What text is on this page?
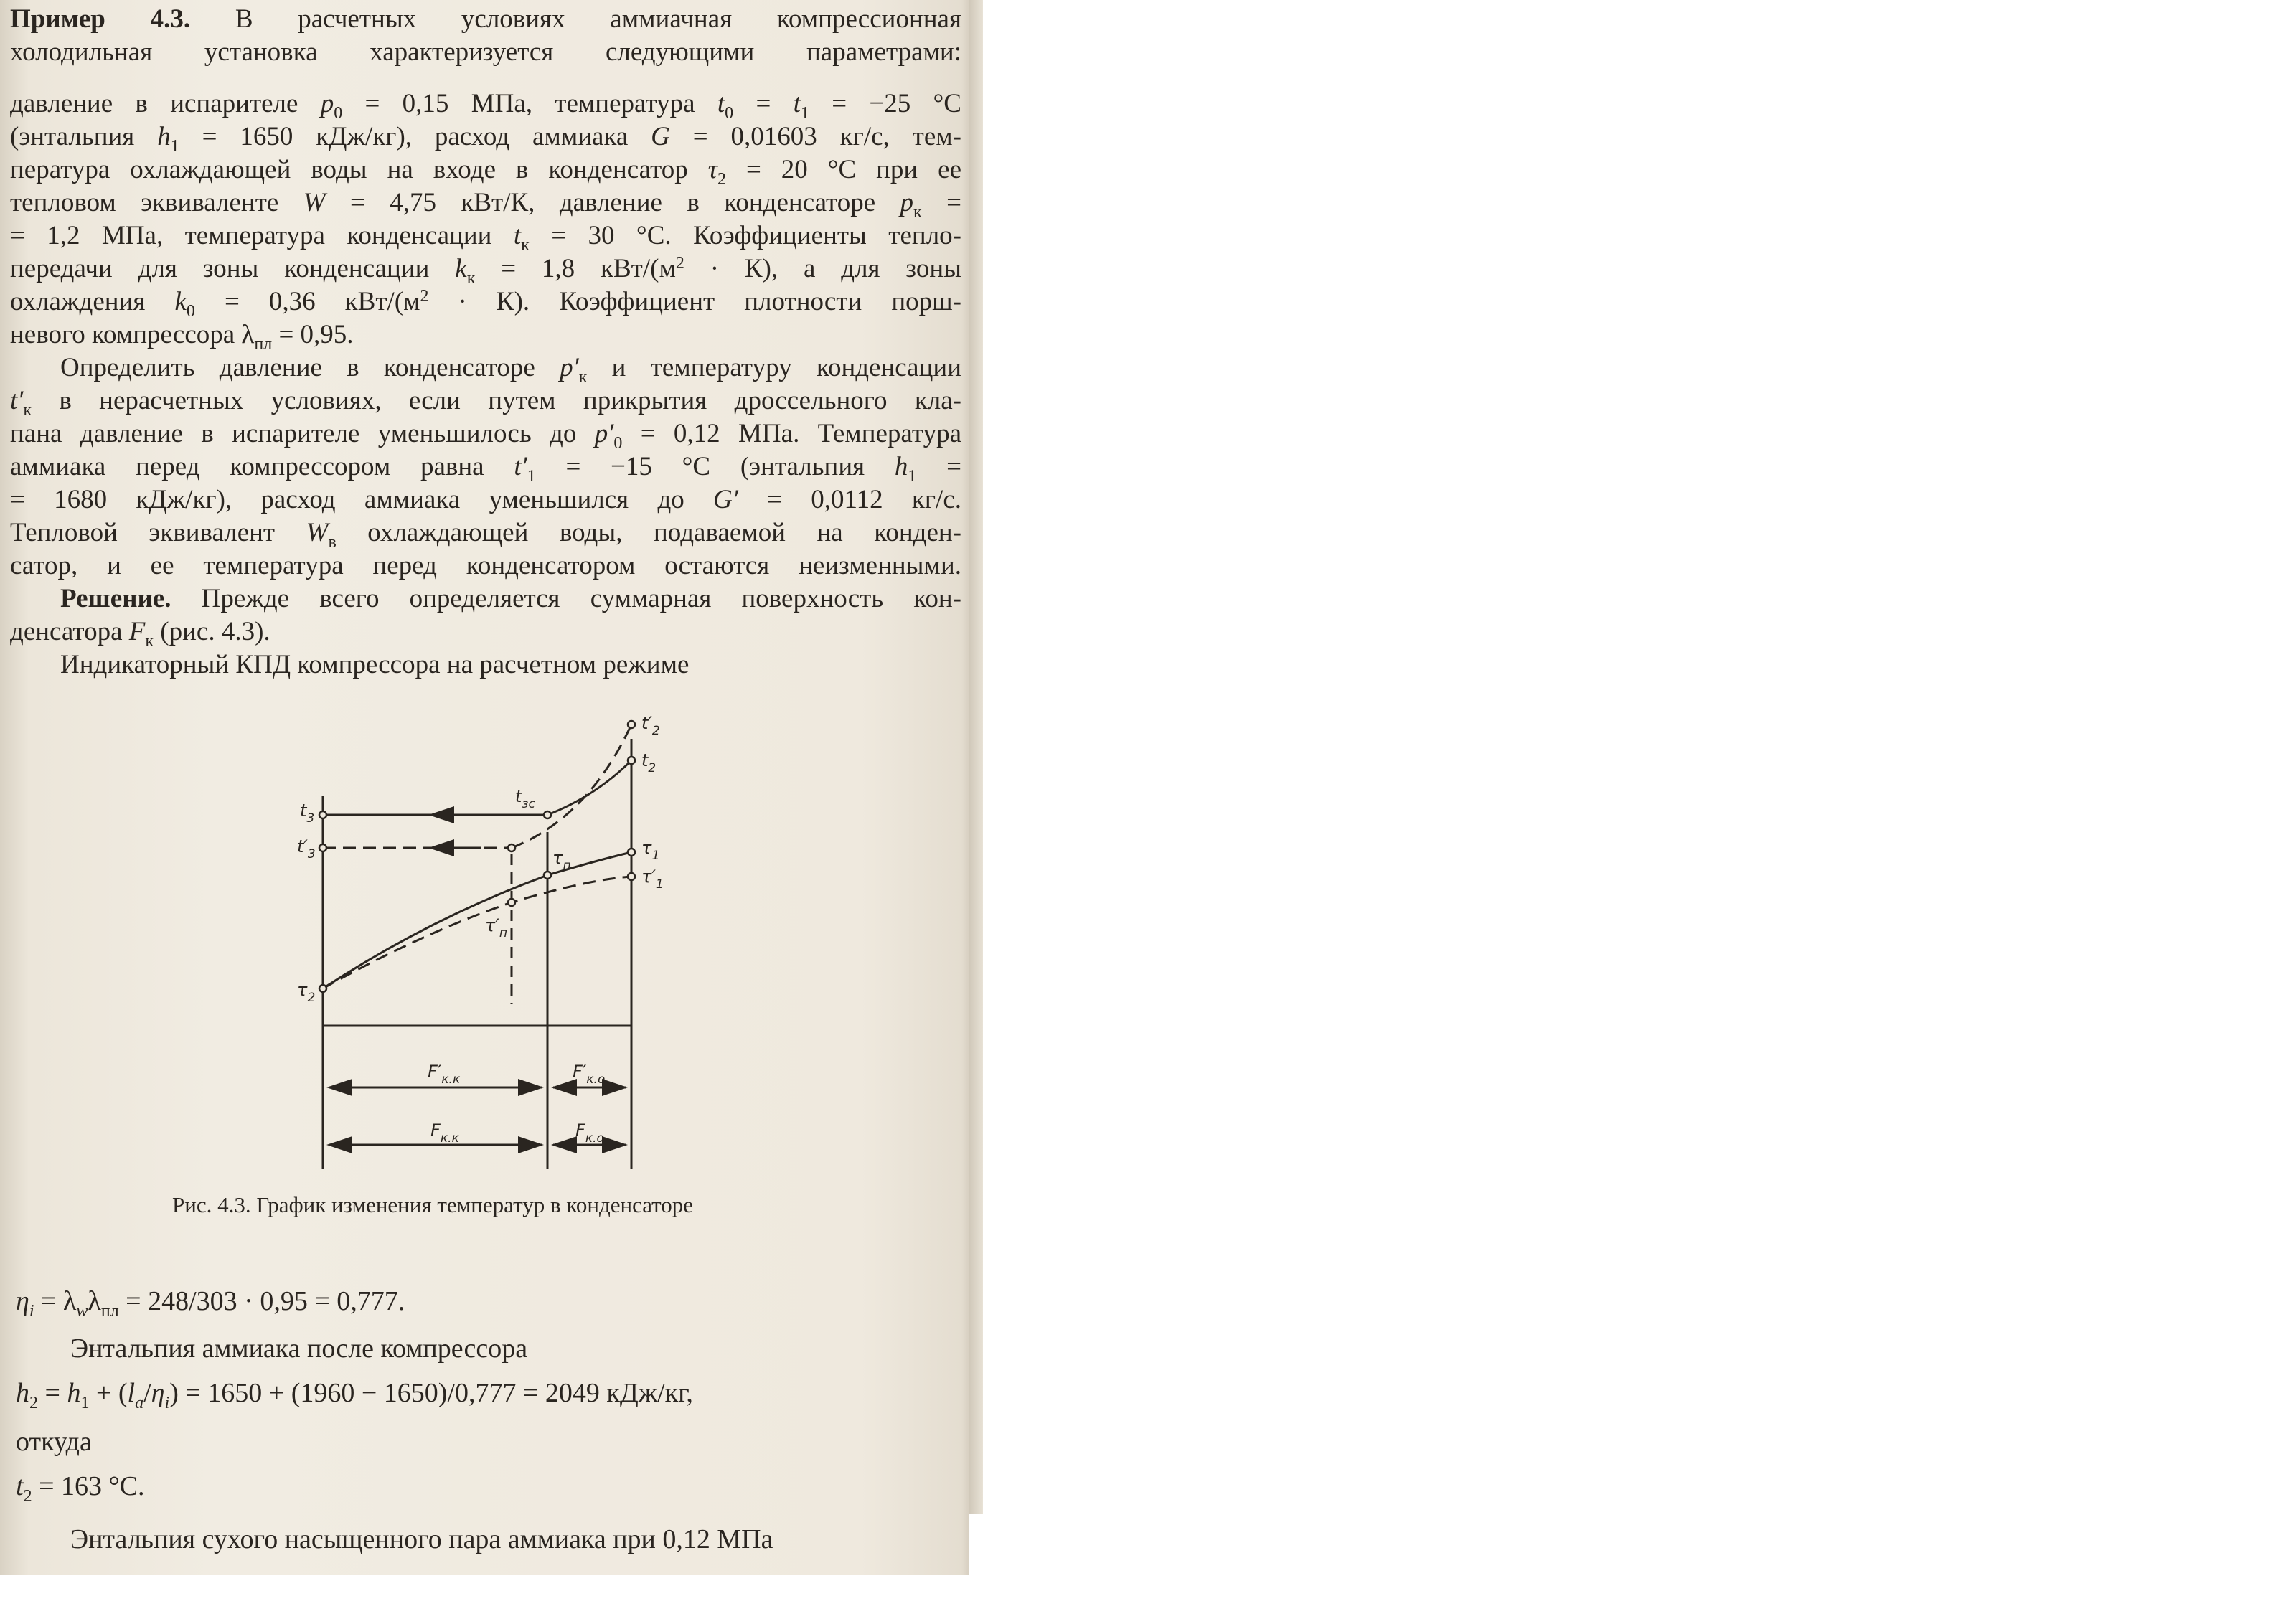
Пример 4.3. В расчетных условиях аммиачная компрессионная
холодильная установка характеризуется следующими параметрами:
давление в испарителе $p_0 = 0,15$ МПа, температура $t_0 = t_1 = -25$ °С
(энтальпия $h_1 = 1650$ кДж/кг), расход аммиака G = 0,01603 кг/с, тем-
пература охлаждающей воды на входе в конденсатор $\tau_2 = 20$ °С при ее
тепловом эквиваленте W = 4,75 кВт/К, давление в конденсаторе $p_к$ =
= 1,2 МПа, температура конденсации $t_к = 30$ °С. Коэффициенты тепло-
передачи для зоны конденсации $k_к = 1,8$ кВт/$(м^2 \cdot К)$, а для зоны
охлаждения $k_0 = 0,36$ кВт/$(м^2 \cdot К)$. Коэффициент плотности порш-
невого компрессора $\lambda_{пл} = 0,95$.
Определить давление в конденсаторе $p'_к$ и температуру конденсации
$t'_к$ в нерасчетных условиях, если путем прикрытия дроссельного кла-
пана давление в испарителе уменьшилось до $p'_0 = 0,12$ МПа. Температура
аммиака перед компрессором равна $t'_1 = -15$ °С (энтальпия $h_1$ =
= 1680 кДж/кг), расход аммиака уменьшился до G′ = 0,0112 кг/с.
Тепловой эквивалент $W_в$ охлаждающей воды, подаваемой на конден-
сатор, и ее температура перед конденсатором остаются неизменными.
Решение. Прежде всего определяется суммарная поверхность кон-
денсатора $F_к$ (рис. 4.3).
Индикаторный КПД компрессора на расчетном режиме
$t'_2$
$t_2$
$t_{зс}$
$t_3$
$t'_3$	$\tau_п$
$\tau'_п$
$\tau_1$
$\tau'_1$
$\tau_2$
$F'_{к.к}$	$F'_{к.о}$
$F_{к.к}$	$F_{к.о}$
Рис. 4.3. График изменения температур в конденсаторе
$\eta_i = \lambda_w\lambda_{пл} = 248/303 \cdot 0,95 = 0,777$.
Энтальпия аммиака после компрессора
$h_2 = h_1 + (l_a/\eta_i) = 1650 + (1960 - 1650)/0,777 = 2049$ кДж/кг,
откуда
$t_2 = 163$ °С.
Энтальпия сухого насыщенного пара аммиака при 0,12 МПа
